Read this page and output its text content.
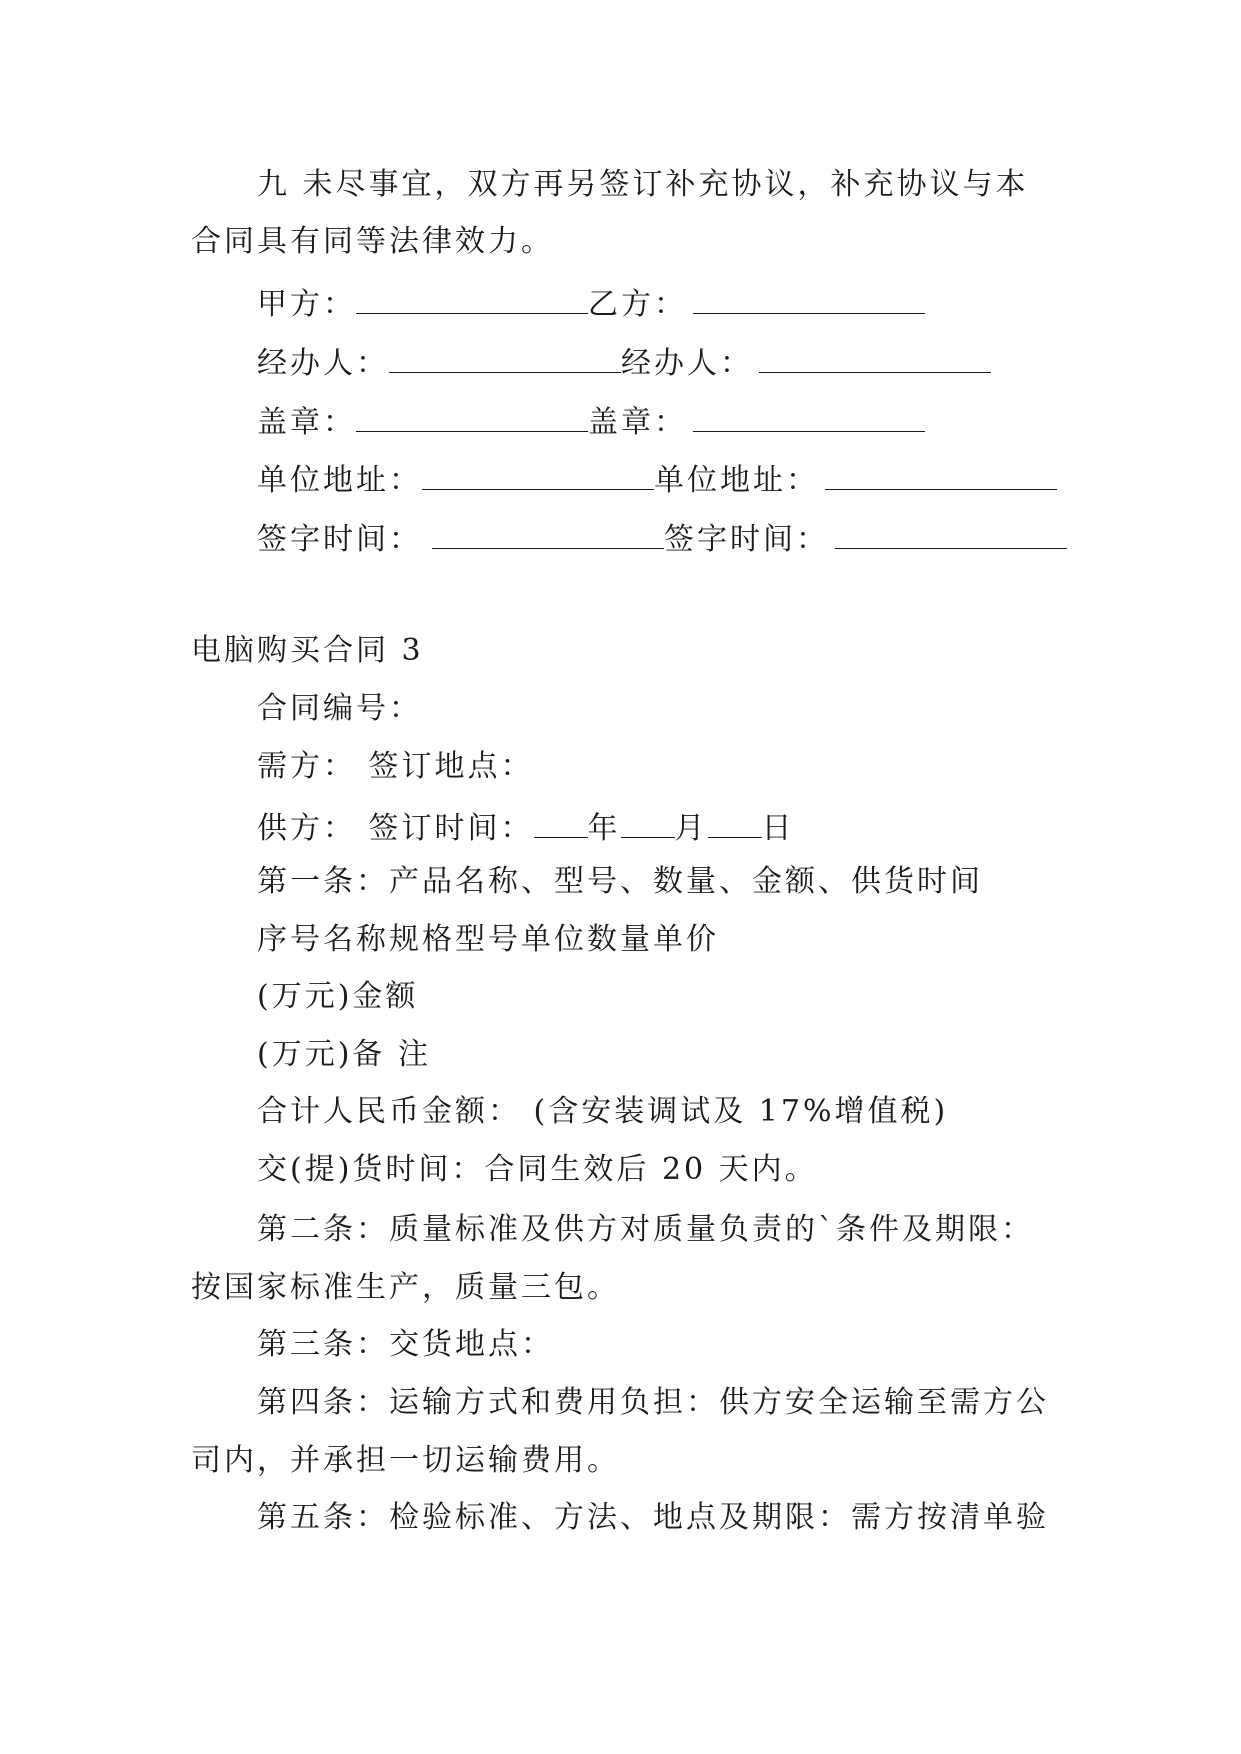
九 未尽事宜，双方再另签订补充协议，补充协议与本
合同具有同等法律效力。
甲方：	乙方：
经办人：	经办人：
盖章：	盖章：
单位地址：	单位地址：
签字时间：	签字时间：
电脑购买合同 3
合同编号：
需方： 签订地点：
供方： 签订时间： 年 月 日
第一条：产品名称、型号、数量、金额、供货时间
序号名称规格型号单位数量单价
(万元)金额
(万元)备 注
合计人民币金额： (含安装调试及 17%增值税)
交(提)货时间：合同生效后 20 天内。
第二条：质量标准及供方对质量负责的`条件及期限：
按国家标准生产，质量三包。
第三条：交货地点：
第四条：运输方式和费用负担：供方安全运输至需方公
司内，并承担一切运输费用。
第五条：检验标准、方法、地点及期限：需方按清单验
